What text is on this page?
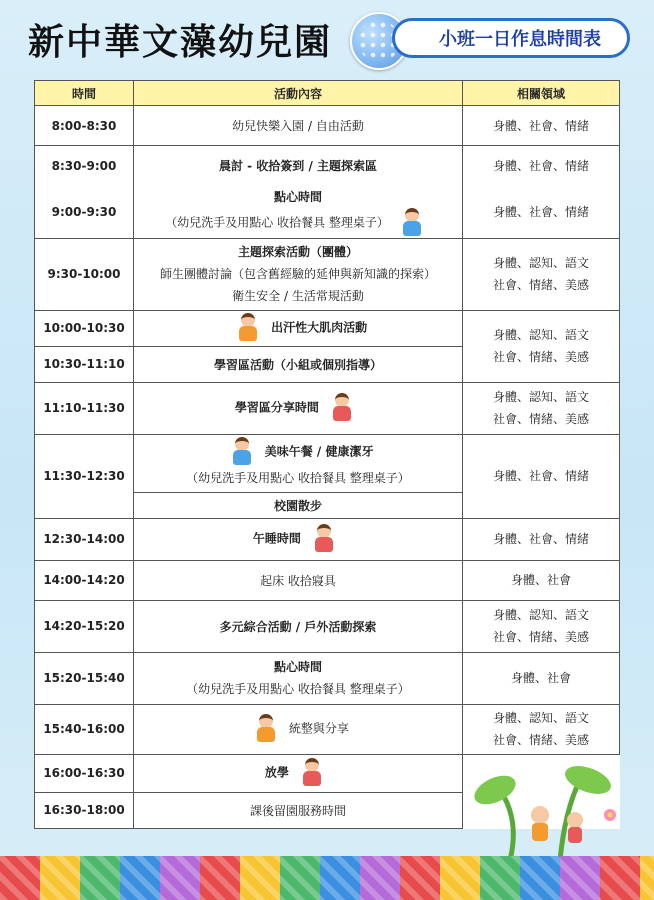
新中華文藻幼兒園	小班一日作息時間表
時間	活動內容	相關領域
8:00-8:30	幼兒快樂入園 / 自由活動	身體、社會、情緒

8:30-9:00	晨討 - 收拾簽到 / 主題探索區	身體、社會、情緒

9:00-9:30	點心時間
（幼兒洗手及用點心 收拾餐具 整理桌子）	身體、社會、情緒

9:30-10:00	主題探索活動（團體）
師生團體討論（包含舊經驗的延伸與新知識的探索）
衛生安全 / 生活常規活動	身體、認知、語文
社會、情緒、美感

10:00-10:30	出汗性大肌肉活動	身體、認知、語文
社會、情緒、美感

10:30-11:10	學習區活動（小組或個別指導）	
11:10-11:30	學習區分享時間	身體、認知、語文
社會、情緒、美感

11:30-12:30	美味午餐 / 健康潔牙
（幼兒洗手及用點心 收拾餐具 整理桌子）	身體、社會、情緒

	校園散步	
12:30-14:00	午睡時間	身體、社會、情緒

14:00-14:20	起床 收拾寢具	身體、社會

14:20-15:20	多元綜合活動 / 戶外活動探索	身體、認知、語文
社會、情緒、美感

15:20-15:40	點心時間
（幼兒洗手及用點心 收拾餐具 整理桌子）	身體、社會

15:40-16:00	統整與分享	身體、認知、語文
社會、情緒、美感

16:00-16:30	放學

16:30-18:00	課後留園服務時間	
